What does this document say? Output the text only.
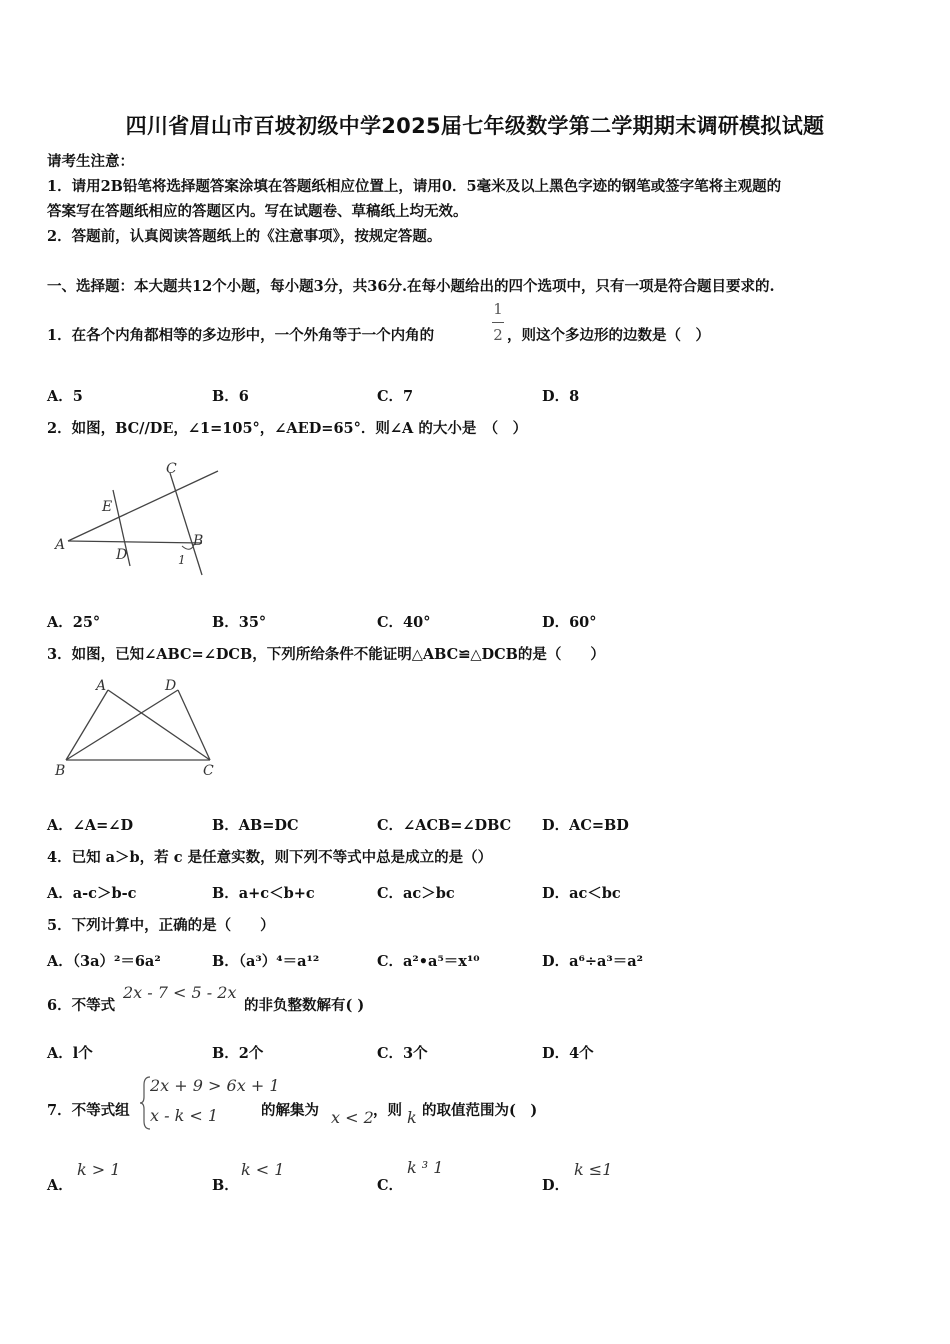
四川省眉山市百坡初级中学2025届七年级数学第二学期期末调研模拟试题
请考生注意：
1．请用2B铅笔将选择题答案涂填在答题纸相应位置上，请用0．5毫米及以上黑色字迹的钢笔或签字笔将主观题的
答案写在答题纸相应的答题区内。写在试题卷、草稿纸上均无效。
2．答题前，认真阅读答题纸上的《注意事项》，按规定答题。
一、选择题：本大题共12个小题，每小题3分，共36分.在每小题给出的四个选项中，只有一项是符合题目要求的.
1．在各个内角都相等的多边形中，一个外角等于一个内角的
1
2 ，则这个多边形的边数是（　）
A．5	B．6	C．7	D．8
2．如图，BC//DE，∠1=105°，∠AED=65°．则∠A 的大小是　（　）
C
E
A
D
B
1
A．25°	B．35°	C．40°	D．60°
3．如图，已知∠ABC=∠DCB，下列所给条件不能证明△ABC≌△DCB的是（　　）
A	D
B	C
A．∠A=∠D	B．AB=DC	C．∠ACB=∠DBC D．AC=BD
4．已知 a＞b，若 c 是任意实数，则下列不等式中总是成立的是（）
A．a-c＞b-c	B．a+c＜b+c	C．ac＞bc	D．ac＜bc
5．下列计算中，正确的是（　　）
A．（3a）²＝6a²	B．（a³）⁴＝a¹²	C．a²•a⁵＝x¹⁰	D．a⁶÷a³＝a²
6．不等式
2x - 7 < 5 - 2x
的非负整数解有( )
A．l个	B．2个	C．3个	D．4个
7．不等式组
2x + 9 > 6x + 1
x - k < 1	的解集为 x < 2 ，则 k 的取值范围为(　)
A．
k > 1
B．
k < 1
C．
k ³ 1
D．
k ≤1
